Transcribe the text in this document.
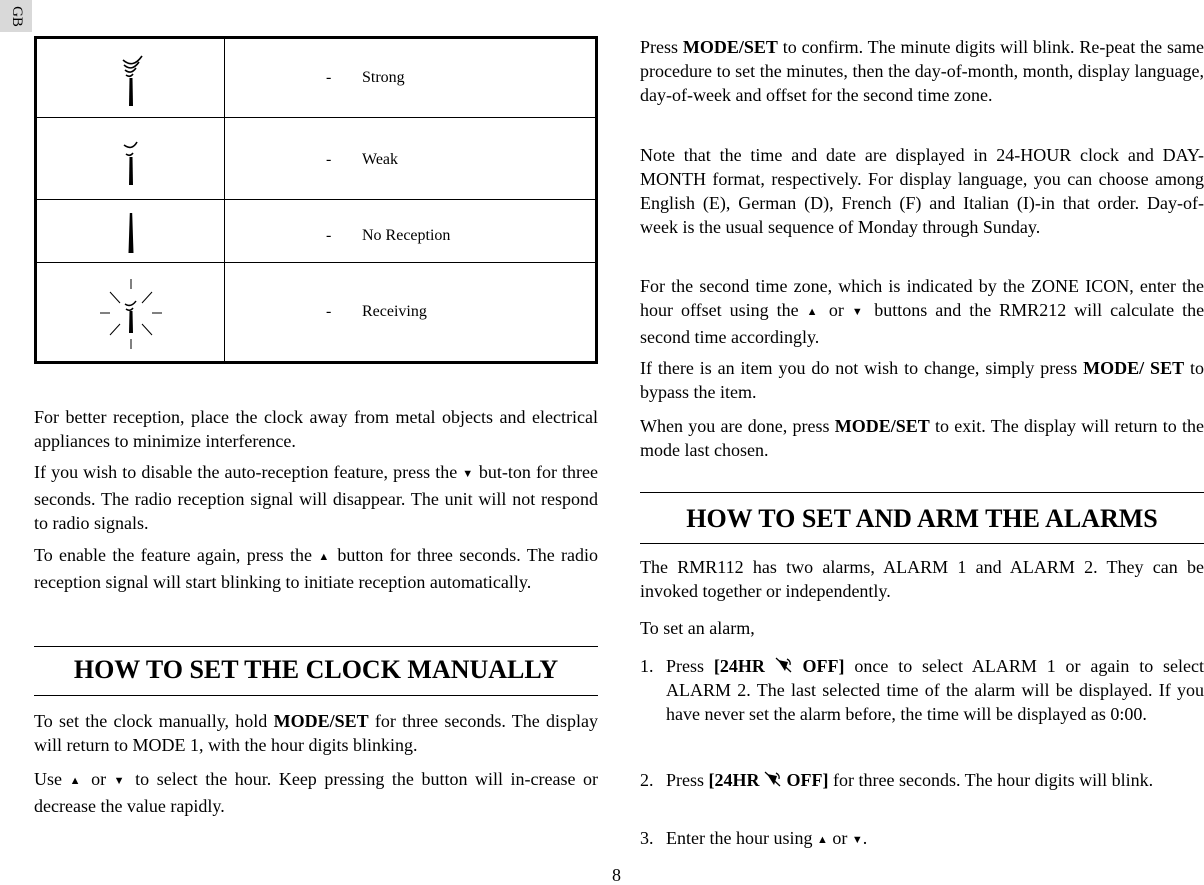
GB
- Strong
- Weak
- No Reception
- Receiving

For better reception, place the clock away from metal objects and electrical appliances to minimize interference.

If you wish to disable the auto-reception feature, press the ▼ but-ton for three seconds. The radio reception signal will disappear. The unit will not respond to radio signals.

To enable the feature again, press the ▲ button for three seconds. The radio reception signal will start blinking to initiate reception automatically.

HOW TO SET THE CLOCK MANUALLY

To set the clock manually, hold MODE/SET for three seconds. The display will return to MODE 1, with the hour digits blinking.

Use ▲ or ▼ to select the hour. Keep pressing the button will in-crease or decrease the value rapidly.

Press MODE/SET to confirm. The minute digits will blink. Re-peat the same procedure to set the minutes, then the day-of-month, month, display language, day-of-week and offset for the second time zone.

Note that the time and date are displayed in 24-HOUR clock and DAY-MONTH format, respectively. For display language, you can choose among English (E), German (D), French (F) and Italian (I)-in that order. Day-of-week is the usual sequence of Monday through Sunday.

For the second time zone, which is indicated by the ZONE ICON, enter the hour offset using the ▲ or ▼ buttons and the RMR212 will calculate the second time accordingly.

If there is an item you do not wish to change, simply press MODE/ SET to bypass the item.

When you are done, press MODE/SET to exit. The display will return to the mode last chosen.

HOW TO SET AND ARM THE ALARMS

The RMR112 has two alarms, ALARM 1 and ALARM 2. They can be invoked together or independently.

To set an alarm,

1. Press [24HR OFF] once to select ALARM 1 or again to select ALARM 2. The last selected time of the alarm will be displayed. If you have never set the alarm before, the time will be displayed as 0:00.

2. Press [24HR OFF] for three seconds. The hour digits will blink.

3. Enter the hour using ▲ or ▼.

8
